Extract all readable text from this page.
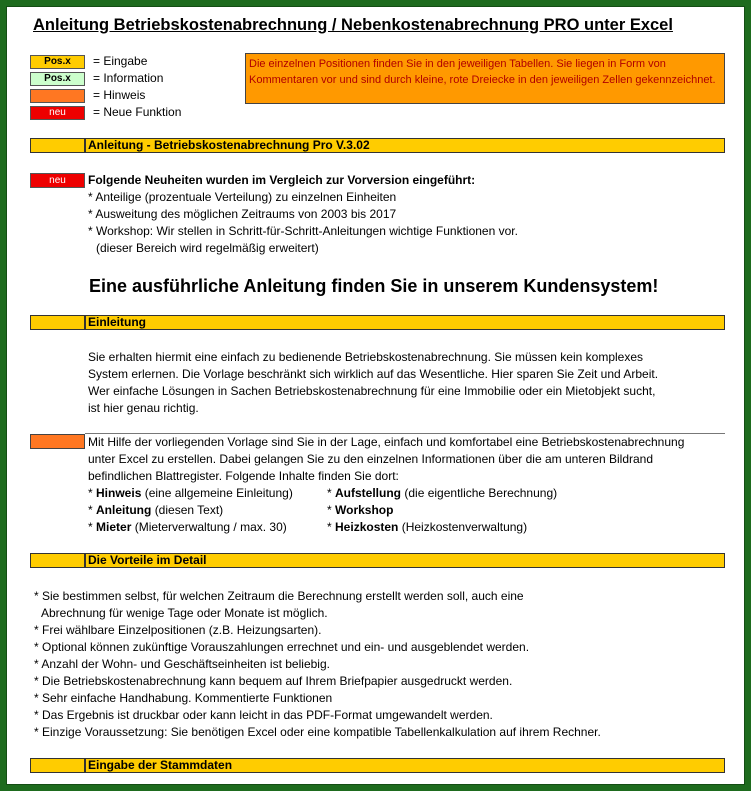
Anleitung Betriebskostenabrechnung / Nebenkostenabrechnung PRO unter Excel
Pos.x	= Eingabe
Pos.x	= Information
= Hinweis
neu	= Neue Funktion
Die einzelnen Positionen finden Sie in den jeweiligen Tabellen. Sie liegen in Form von Kommentaren vor und sind durch kleine, rote Dreiecke in den jeweiligen Zellen gekennzeichnet.
Anleitung - Betriebskostenabrechnung Pro V.3.02
neu	Folgende Neuheiten wurden im Vergleich zur Vorversion eingeführt:
* Anteilige (prozentuale Verteilung) zu einzelnen Einheiten
* Ausweitung des möglichen Zeitraums von 2003 bis 2017
* Workshop: Wir stellen in Schritt-für-Schritt-Anleitungen wichtige Funktionen vor.
(dieser Bereich wird regelmäßig erweitert)
Eine ausführliche Anleitung finden Sie in unserem Kundensystem!
Einleitung
Sie erhalten hiermit eine einfach zu bedienende Betriebskostenabrechnung. Sie müssen kein komplexes
System erlernen. Die Vorlage beschränkt sich wirklich auf das Wesentliche. Hier sparen Sie Zeit und Arbeit.
Wer einfache Lösungen in Sachen Betriebskostenabrechnung für eine Immobilie oder ein Mietobjekt sucht,
ist hier genau richtig.
Mit Hilfe der vorliegenden Vorlage sind Sie in der Lage, einfach und komfortabel eine Betriebskostenabrechnung
unter Excel zu erstellen. Dabei gelangen Sie zu den einzelnen Informationen über die am unteren Bildrand
befindlichen Blattregister. Folgende Inhalte finden Sie dort:
* Hinweis (eine allgemeine Einleitung)
* Anleitung (diesen Text)
* Mieter (Mieterverwaltung / max. 30)
* Aufstellung (die eigentliche Berechnung)
* Workshop
* Heizkosten (Heizkostenverwaltung)
Die Vorteile im Detail
* Sie bestimmen selbst, für welchen Zeitraum die Berechnung erstellt werden soll, auch eine
Abrechnung für wenige Tage oder Monate ist möglich.
* Frei wählbare Einzelpositionen (z.B. Heizungsarten).
* Optional können zukünftige Vorauszahlungen errechnet und ein- und ausgeblendet werden.
* Anzahl der Wohn- und Geschäftseinheiten ist beliebig.
* Die Betriebskostenabrechnung kann bequem auf Ihrem Briefpapier ausgedruckt werden.
* Sehr einfache Handhabung. Kommentierte Funktionen
* Das Ergebnis ist druckbar oder kann leicht in das PDF-Format umgewandelt werden.
* Einzige Voraussetzung: Sie benötigen Excel oder eine kompatible Tabellenkalkulation auf ihrem Rechner.
Eingabe der Stammdaten
